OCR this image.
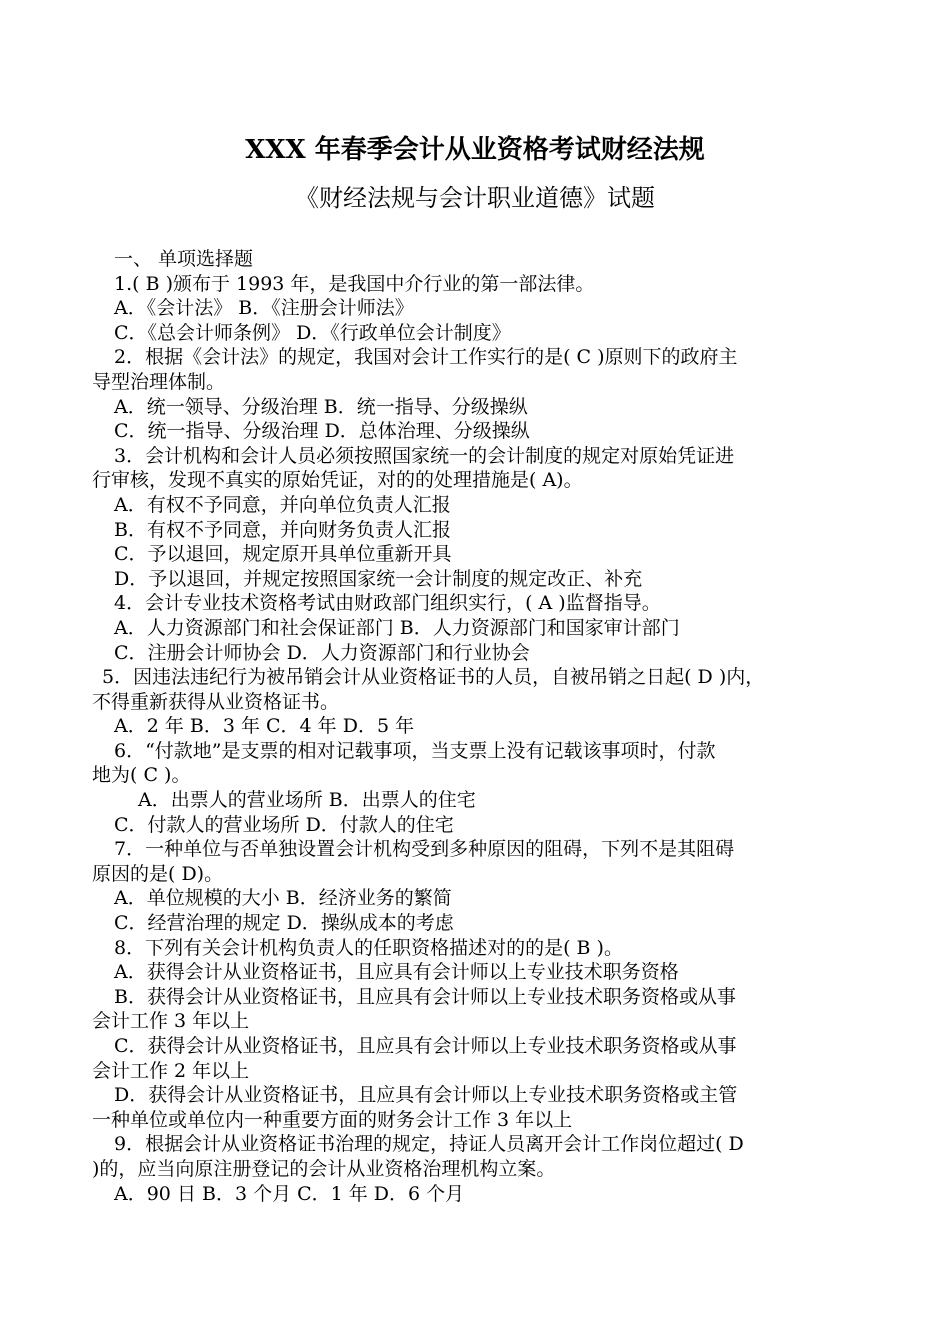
XXX 年春季会计从业资格考试财经法规
《财经法规与会计职业道德》试题
一、 单项选择题
1.( B )颁布于 1993 年，是我国中介行业的第一部法律。
A．《会计法》 B．《注册会计师法》
C．《总会计师条例》 D．《行政单位会计制度》
2．根据《会计法》的规定，我国对会计工作实行的是( C )原则下的政府主
导型治理体制。
A．统一领导、分级治理 B．统一指导、分级操纵
C．统一指导、分级治理 D．总体治理、分级操纵
3．会计机构和会计人员必须按照国家统一的会计制度的规定对原始凭证进
行审核，发现不真实的原始凭证，对的的处理措施是( A)。
A．有权不予同意，并向单位负责人汇报
B．有权不予同意，并向财务负责人汇报
C．予以退回，规定原开具单位重新开具
D．予以退回，并规定按照国家统一会计制度的规定改正、补充
4．会计专业技术资格考试由财政部门组织实行，( A )监督指导。
A．人力资源部门和社会保证部门 B．人力资源部门和国家审计部门
C．注册会计师协会 D．人力资源部门和行业协会
5．因违法违纪行为被吊销会计从业资格证书的人员，自被吊销之日起( D )内，
不得重新获得从业资格证书。
A．2 年 B．3 年 C．4 年 D．5 年
6．“付款地”是支票的相对记载事项，当支票上没有记载该事项时，付款
地为( C )。
A．出票人的营业场所 B．出票人的住宅
C．付款人的营业场所 D．付款人的住宅
7．一种单位与否单独设置会计机构受到多种原因的阻碍，下列不是其阻碍
原因的是( D)。
A．单位规模的大小 B．经济业务的繁简
C．经营治理的规定 D．操纵成本的考虑
8．下列有关会计机构负责人的任职资格描述对的的是( B )。
A．获得会计从业资格证书，且应具有会计师以上专业技术职务资格
B．获得会计从业资格证书，且应具有会计师以上专业技术职务资格或从事
会计工作 3 年以上
C．获得会计从业资格证书，且应具有会计师以上专业技术职务资格或从事
会计工作 2 年以上
D．获得会计从业资格证书，且应具有会计师以上专业技术职务资格或主管
一种单位或单位内一种重要方面的财务会计工作 3 年以上
9．根据会计从业资格证书治理的规定，持证人员离开会计工作岗位超过( D
)的，应当向原注册登记的会计从业资格治理机构立案。
A．90 日 B．3 个月 C．1 年 D．6 个月
